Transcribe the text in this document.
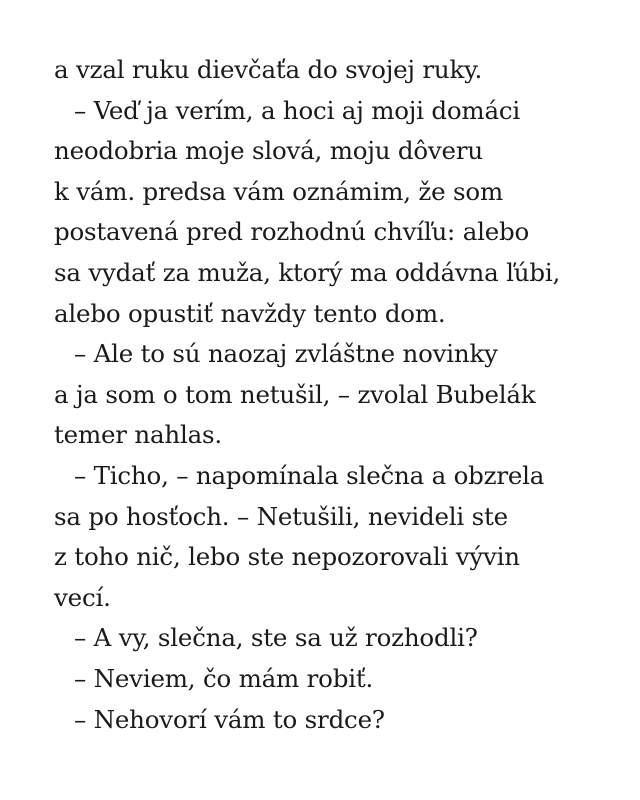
a vzal ruku dievčaťa do svojej ruky.
– Veď ja verím, a hoci aj moji domáci
neodobria moje slová, moju dôveru
k vám. predsa vám oznámim, že som
postavená pred rozhodnú chvíľu: alebo
sa vydať za muža, ktorý ma oddávna ľúbi,
alebo opustiť navždy tento dom.
– Ale to sú naozaj zvláštne novinky
a ja som o tom netušil, – zvolal Bubelák
temer nahlas.
– Ticho, – napomínala slečna a obzrela
sa po hosťoch. – Netušili, nevideli ste
z toho nič, lebo ste nepozorovali vývin
vecí.
– A vy, slečna, ste sa už rozhodli?
– Neviem, čo mám robiť.
– Nehovorí vám to srdce?
